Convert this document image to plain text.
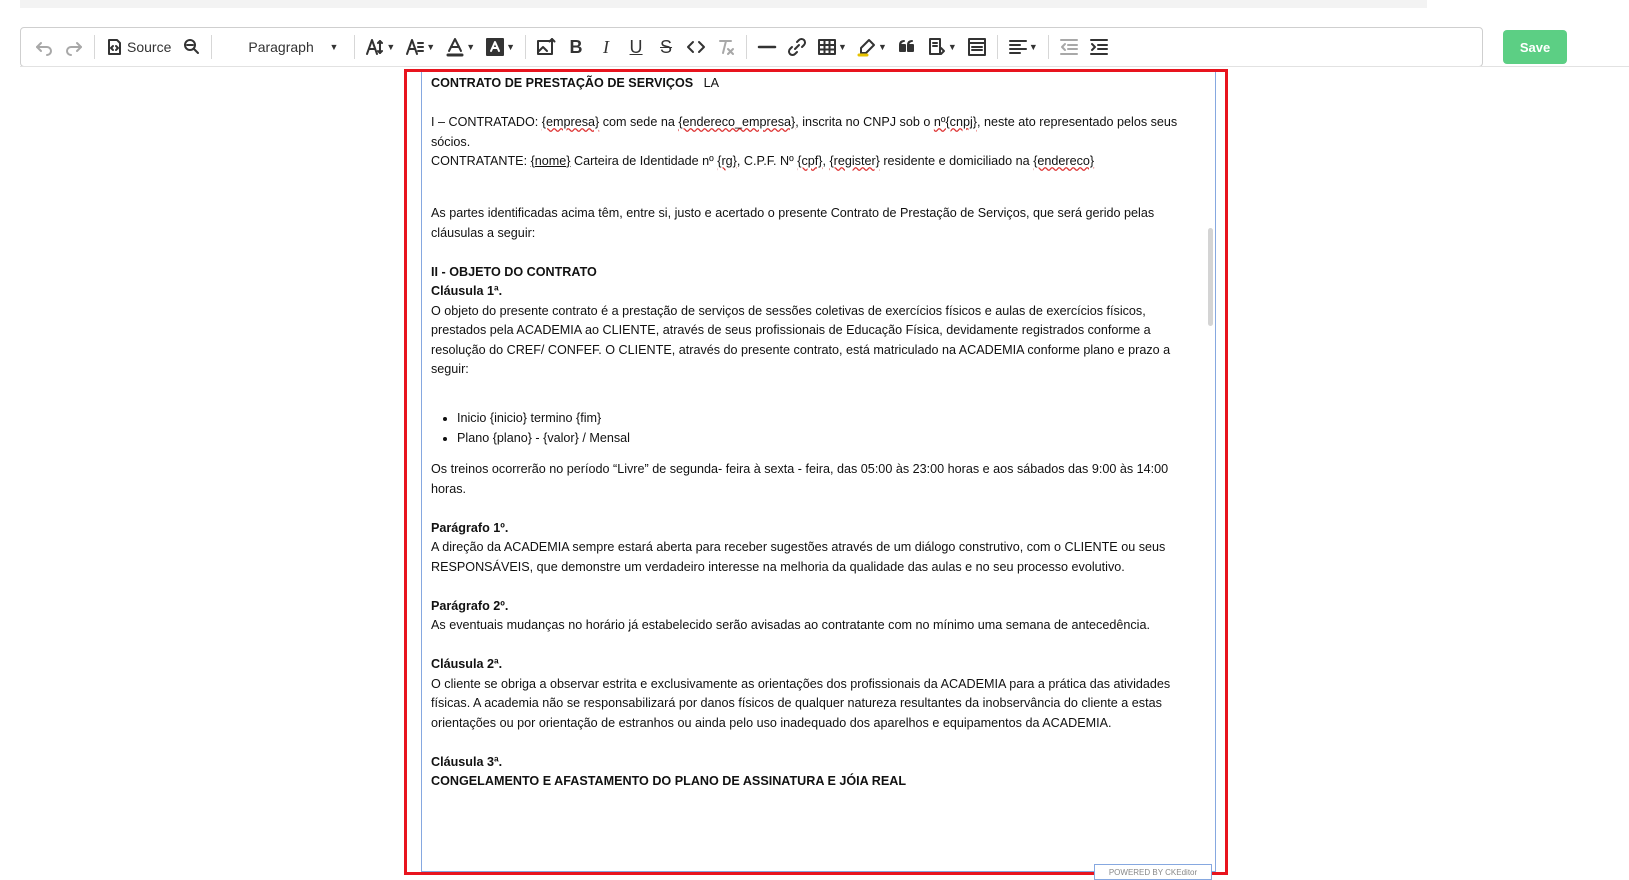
Source	Paragraph ▼	▼	▼	▼	▼	B I U S	▼	▼	▼	▼	Save

CONTRATO DE PRESTAÇÃO DE SERVIÇOS LA

I – CONTRATADO: {empresa} com sede na {endereco_empresa}, inscrita no CNPJ sob o nº{cnpj}, neste ato representado pelos seus sócios.

CONTRATANTE: {nome} Carteira de Identidade nº {rg}, C.P.F. Nº {cpf}, {register} residente e domiciliado na {endereco}

As partes identificadas acima têm, entre si, justo e acertado o presente Contrato de Prestação de Serviços, que será gerido pelas cláusulas a seguir:

II - OBJETO DO CONTRATO

Cláusula 1ª.

O objeto do presente contrato é a prestação de serviços de sessões coletivas de exercícios físicos e aulas de exercícios físicos, prestados pela ACADEMIA ao CLIENTE, através de seus profissionais de Educação Física, devidamente registrados conforme a resolução do CREF/ CONFEF. O CLIENTE, através do presente contrato, está matriculado na ACADEMIA conforme plano e prazo a seguir:

• Inicio {inicio} termino {fim}
• Plano {plano} - {valor} / Mensal

Os treinos ocorrerão no período “Livre” de segunda- feira à sexta - feira, das 05:00 às 23:00 horas e aos sábados das 9:00 às 14:00 horas.

Parágrafo 1º.

A direção da ACADEMIA sempre estará aberta para receber sugestões através de um diálogo construtivo, com o CLIENTE ou seus RESPONSÁVEIS, que demonstre um verdadeiro interesse na melhoria da qualidade das aulas e no seu processo evolutivo.

Parágrafo 2º.

As eventuais mudanças no horário já estabelecido serão avisadas ao contratante com no mínimo uma semana de antecedência.

Cláusula 2ª.

O cliente se obriga a observar estrita e exclusivamente as orientações dos profissionais da ACADEMIA para a prática das atividades físicas. A academia não se responsabilizará por danos físicos de qualquer natureza resultantes da inobservância do cliente a estas orientações ou por orientação de estranhos ou ainda pelo uso inadequado dos aparelhos e equipamentos da ACADEMIA.

Cláusula 3ª.

CONGELAMENTO E AFASTAMENTO DO PLANO DE ASSINATURA E JÓIA REAL

POWERED BY CKEditor
